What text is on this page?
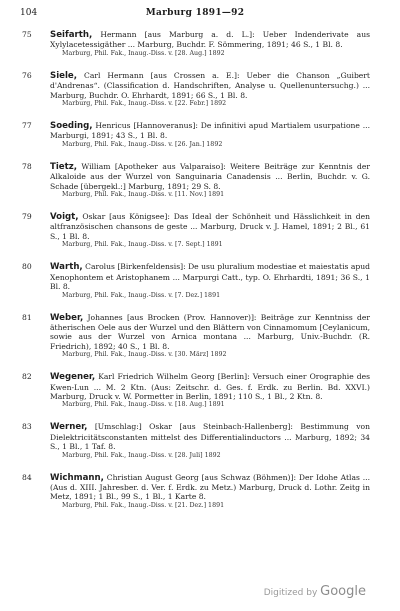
104	Marburg 1891—92
75 Seifarth, Hermann [aus Marburg a. d. L.]: Ueber Indenderivate aus Xylylacetessigäther ... Marburg, Buchdr. F. Sömmering, 1891; 46 S., 1 Bl. 8.
Marburg, Phil. Fak., Inaug.-Diss. v. [28. Aug.] 1892
76 Siele, Carl Hermann [aus Crossen a. E.]: Ueber die Chanson „Guibert d'Andrenas“. (Classification d. Handschriften, Analyse u. Quellenuntersuchg.) ... Marburg, Buchdr. O. Ehrhardt, 1891; 66 S., 1 Bl. 8.
Marburg, Phil. Fak., Inaug.-Diss. v. [22. Febr.] 1892
77 Soeding, Henricus [Hannoveranus]: De infinitivi apud Martialem usurpatione ... Marburgi, 1891; 43 S., 1 Bl. 8.
Marburg, Phil. Fak., Inaug.-Diss. v. [26. Jan.] 1892
78 Tietz, William [Apotheker aus Valparaiso]: Weitere Beiträge zur Kenntnis der Alkaloide aus der Wurzel von Sanguinaria Canadensis ... Berlin, Buchdr. v. G. Schade [übergekl.:] Marburg, 1891; 29 S. 8.
Marburg, Phil. Fak., Inaug.-Diss. v. [11. Nov.] 1891
79 Voigt, Oskar [aus Königsee]: Das Ideal der Schönheit und Hässlichkeit in den altfranzösischen chansons de geste ... Marburg, Druck v. J. Hamel, 1891; 2 Bl., 61 S., 1 Bl. 8.
Marburg, Phil. Fak., Inaug.-Diss. v. [7. Sept.] 1891
80 Warth, Carolus [Birkenfeldensis]: De usu pluralium modestiae et maiestatis apud Xenophontem et Aristophanem ... Marpurgi Catt., typ. O. Ehrhardti, 1891; 36 S., 1 Bl. 8.
Marburg, Phil. Fak., Inaug.-Diss. v. [7. Dez.] 1891
81 Weber, Johannes [aus Brocken (Prov. Hannover)]: Beiträge zur Kenntniss der ätherischen Oele aus der Wurzel und den Blättern von Cinnamomum [Ceylanicum, sowie aus der Wurzel von Arnica montana ... Marburg, Univ.-Buchdr. (R. Friedrich), 1892; 40 S., 1 Bl. 8.
Marburg, Phil. Fak., Inaug.-Diss. v. [30. März] 1892
82 Wegener, Karl Friedrich Wilhelm Georg [Berlin]: Versuch einer Orographie des Kwen-Lun ... M. 2 Ktn. (Aus: Zeitschr. d. Ges. f. Erdk. zu Berlin. Bd. XXVI.) Marburg, Druck v. W. Pormetter in Berlin, 1891; 110 S., 1 Bl., 2 Ktn. 8.
Marburg, Phil. Fak., Inaug.-Diss. v. [18. Aug.] 1891
83 Werner, [Umschlag:] Oskar [aus Steinbach-Hallenberg]: Bestimmung von Dielektricitätsconstanten mittelst des Differentialinductors ... Marburg, 1892; 34 S., 1 Bl., 1 Taf. 8.
Marburg, Phil. Fak., Inaug.-Diss. v. [28. Juli] 1892
84 Wichmann, Christian August Georg [aus Schwaz (Böhmen)]: Der Idohe Atlas ... (Aus d. XIII. Jahresber. d. Ver. f. Erdk. zu Metz.) Marburg, Druck d. Lothr. Zeitg in Metz, 1891; 1 Bl., 99 S., 1 Bl., 1 Karte 8.
Marburg, Phil. Fak., Inaug.-Diss. v. [21. Dez.] 1891
Digitized by Google
